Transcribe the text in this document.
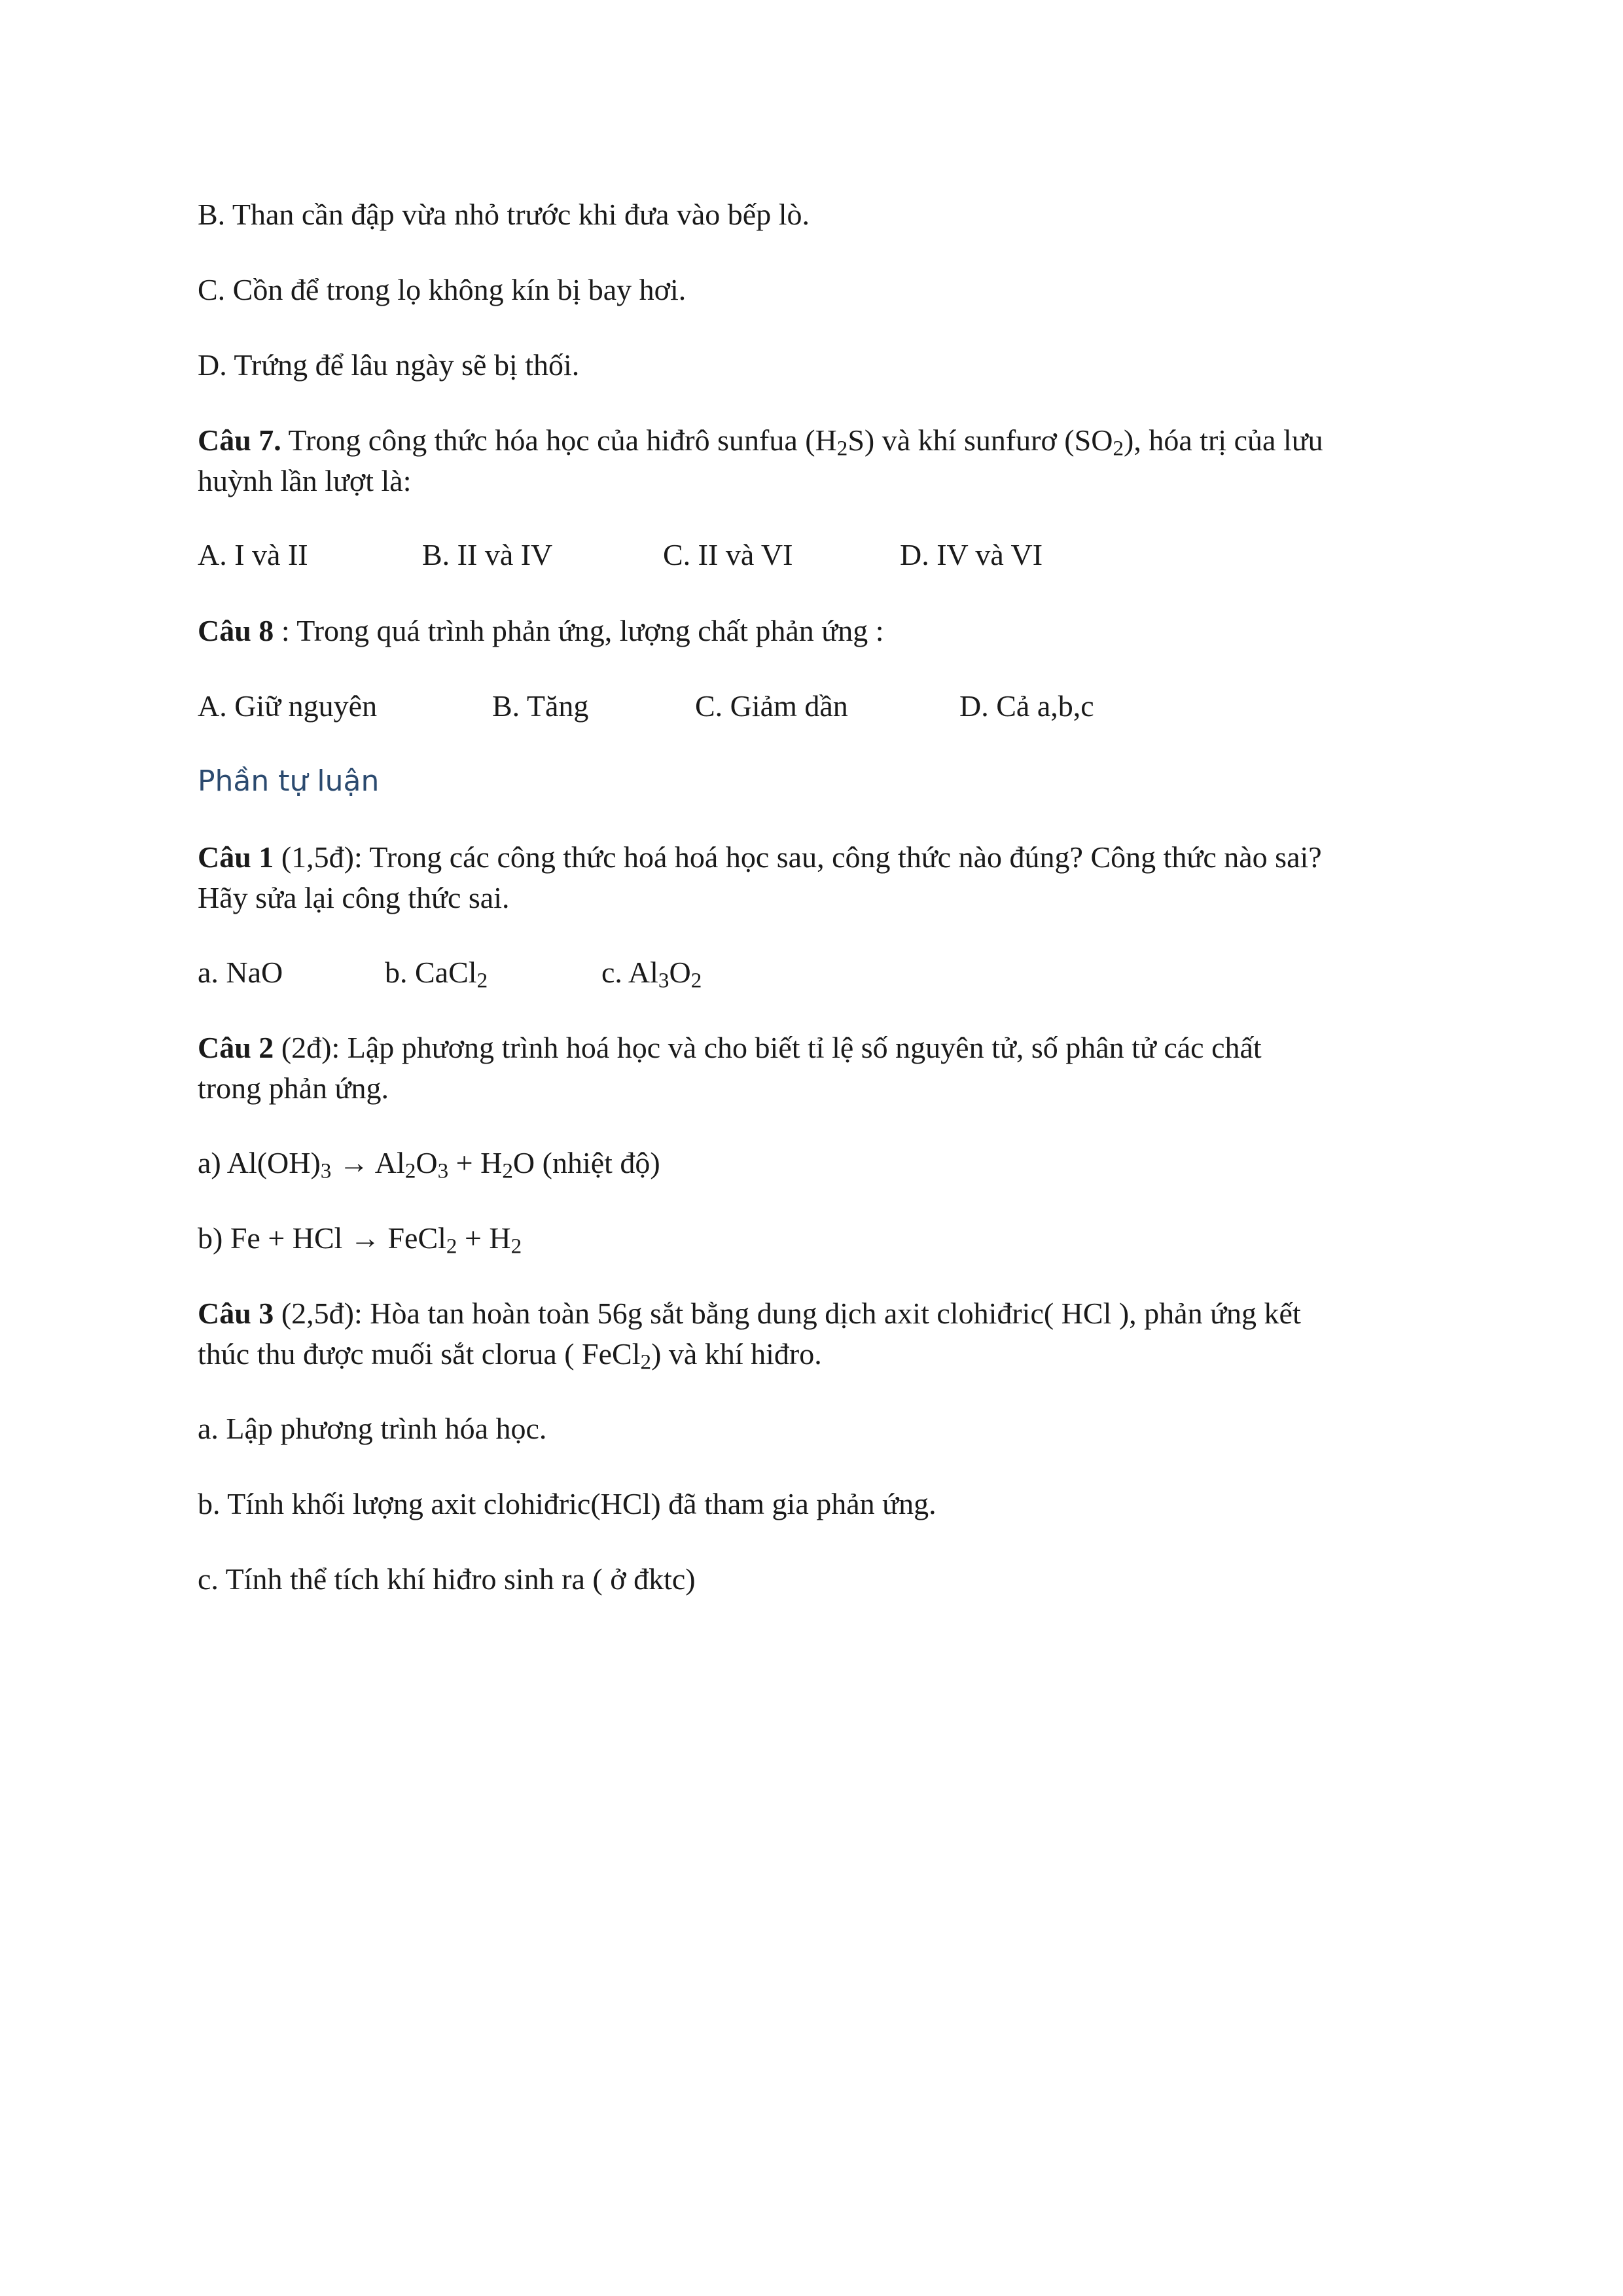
B. Than cần đập vừa nhỏ trước khi đưa vào bếp lò.

C. Cồn để trong lọ không kín bị bay hơi.

D. Trứng để lâu ngày sẽ bị thối.

Câu 7. Trong công thức hóa học của hiđrô sunfua $(H_2S)$ và khí sunfurơ $(SO_2)$, hóa trị của lưu

huỳnh lần lượt là:

A. I và II	B. II và IV	C. II và VI	D. IV và VI

Câu 8 : Trong quá trình phản ứng, lượng chất phản ứng :

A. Giữ nguyên	B. Tăng	C. Giảm dần	D. Cả a,b,c
Phần tự luận

Câu 1 (1,5đ): Trong các công thức hoá hoá học sau, công thức nào đúng? Công thức nào sai?

Hãy sửa lại công thức sai.

a. NaO	b. CaCl$_2$	c. $Al_3O_2$

Câu 2 (2đ): Lập phương trình hoá học và cho biết tỉ lệ số nguyên tử, số phân tử các chất

trong phản ứng.

a) $Al(OH)_3 \to Al_2O_3 + H_2O$ (nhiệt độ)

b) Fe + HCl → FeCl$_2$ + $H_2$

Câu 3 (2,5đ): Hòa tan hoàn toàn 56g sắt bằng dung dịch axit clohiđric( HCl ), phản ứng kết

thúc thu được muối sắt clorua ( FeCl$_2$) và khí hiđro.

a. Lập phương trình hóa học.

b. Tính khối lượng axit clohiđric(HCl) đã tham gia phản ứng.

c. Tính thể tích khí hiđro sinh ra ( ở đktc)
